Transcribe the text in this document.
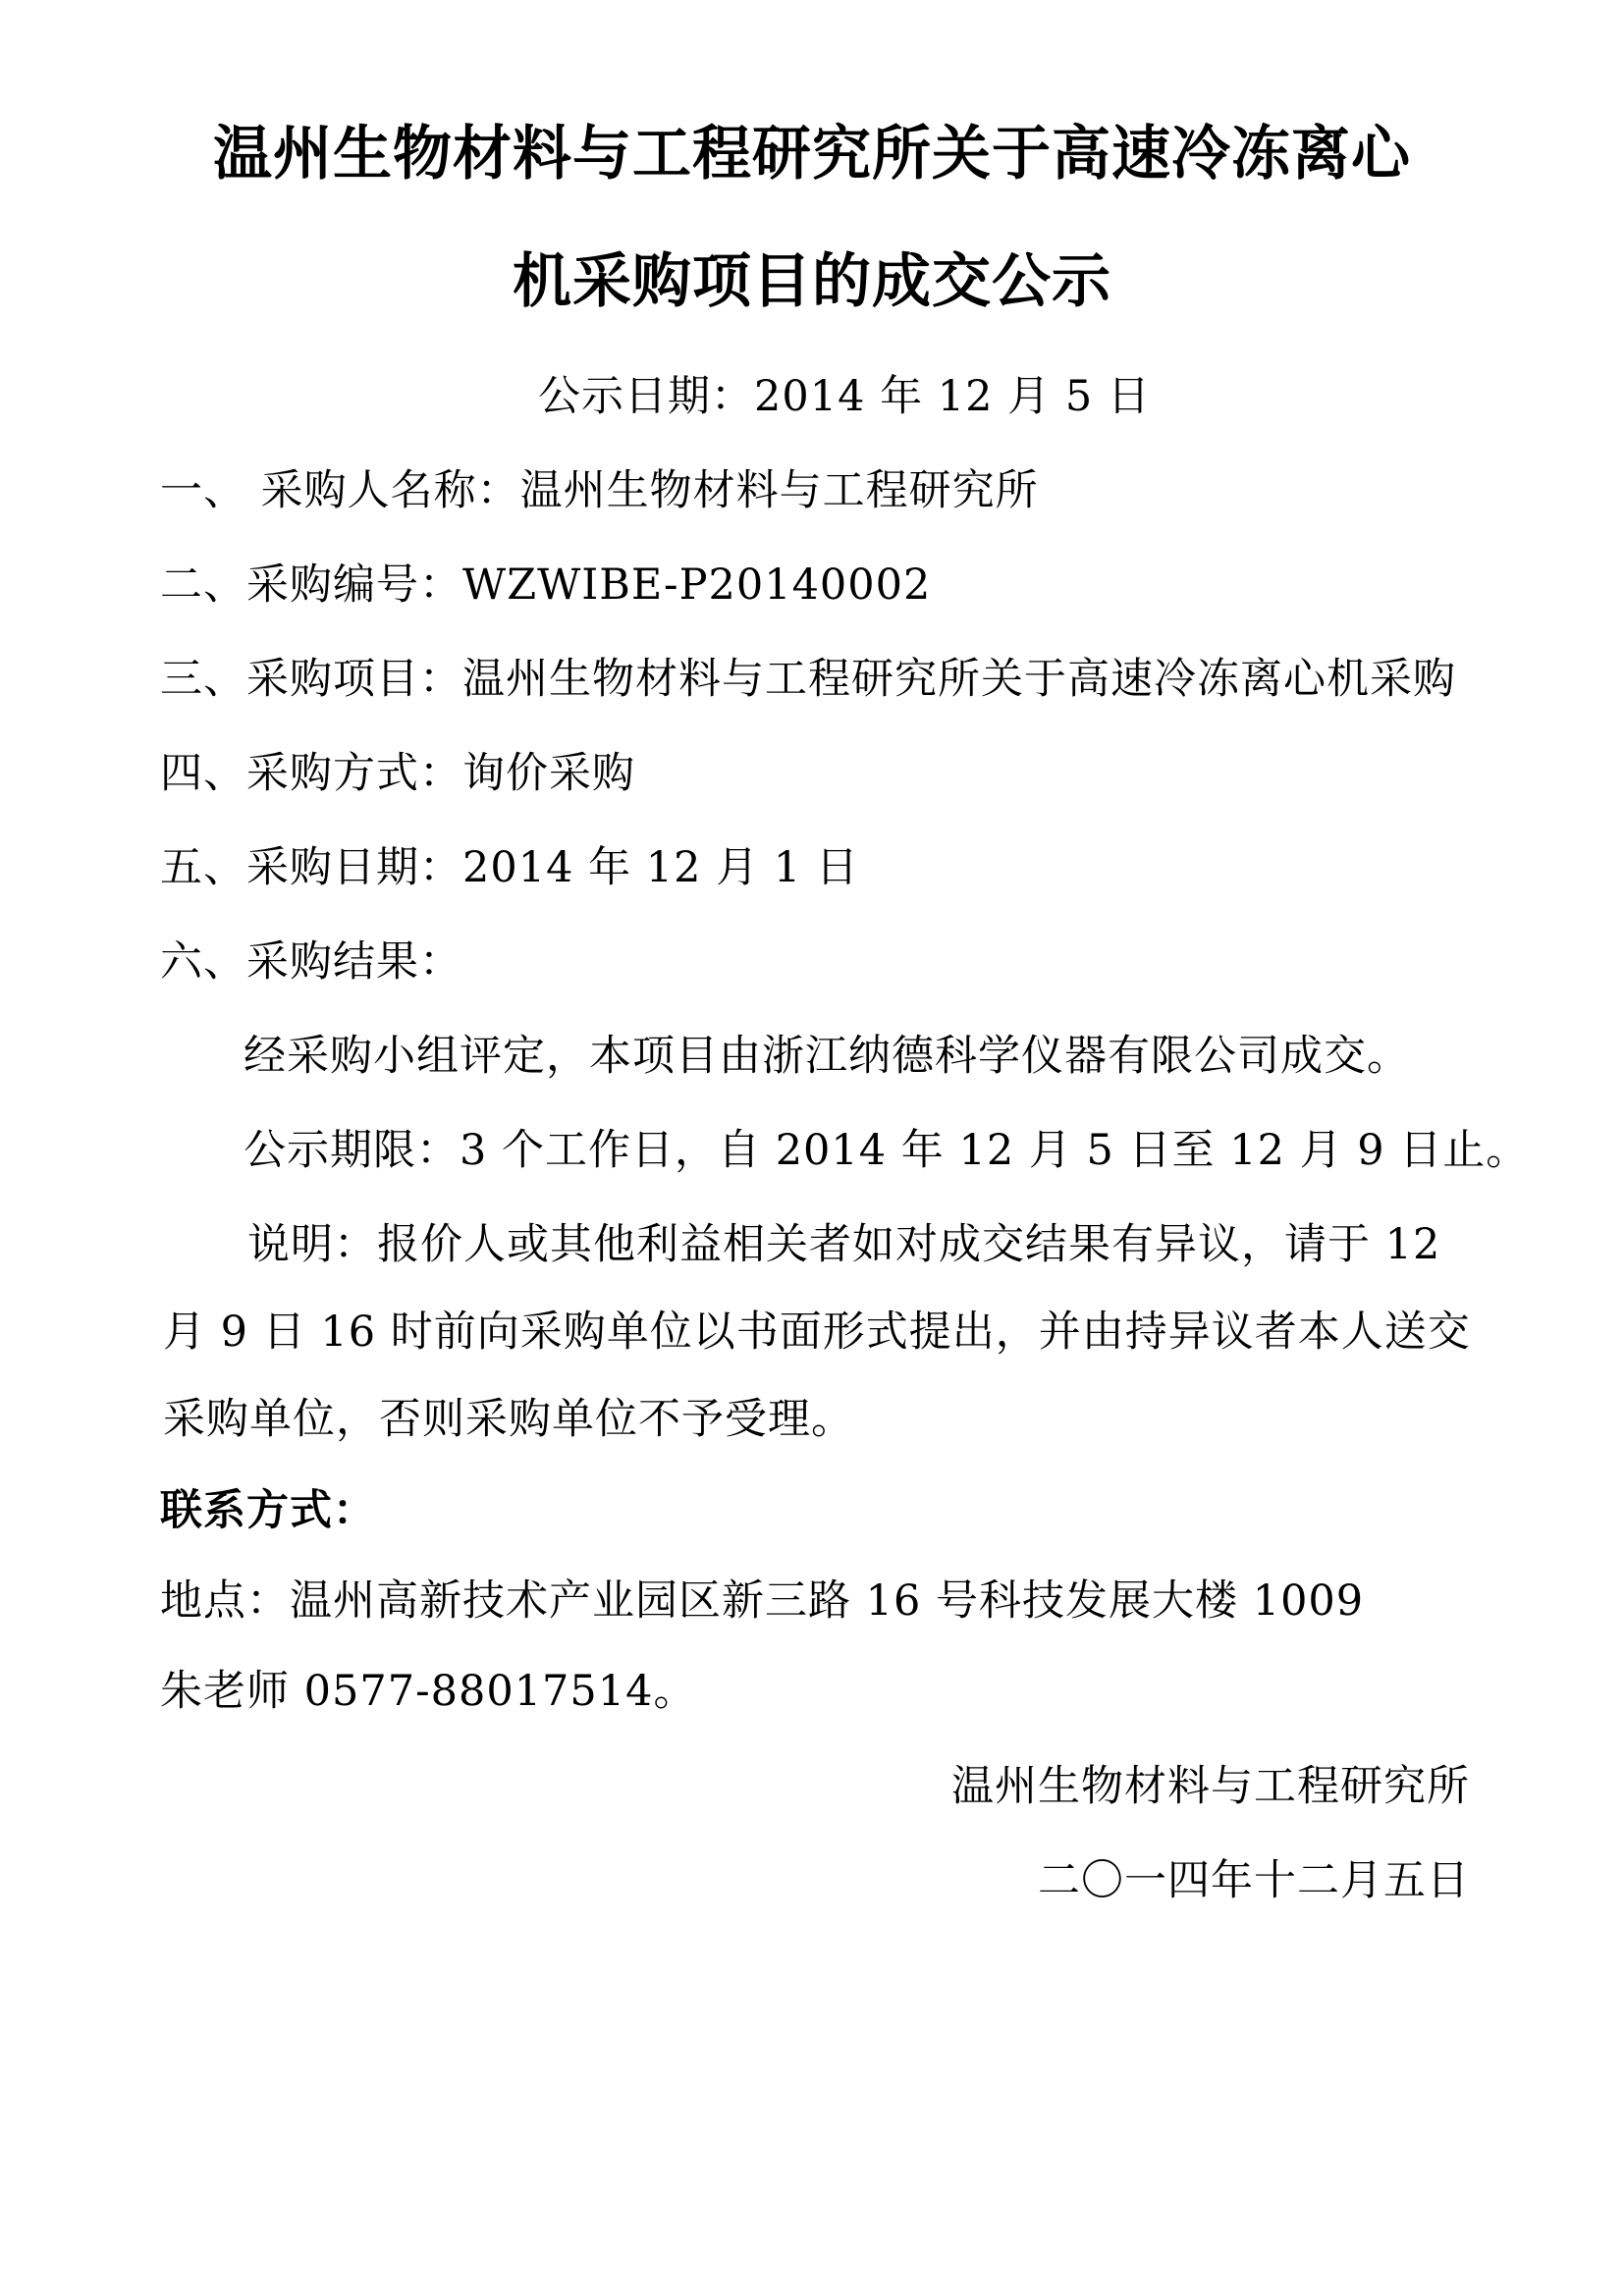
温州生物材料与工程研究所关于高速冷冻离心
机采购项目的成交公示
公示日期：2014 年 12 月 5 日
一、 采购人名称：温州生物材料与工程研究所
二、采购编号：WZWIBE-P20140002
三、采购项目：温州生物材料与工程研究所关于高速冷冻离心机采购
四、采购方式：询价采购
五、采购日期：2014 年 12 月 1 日
六、采购结果：
经采购小组评定，本项目由浙江纳德科学仪器有限公司成交。
公示期限：3 个工作日，自 2014 年 12 月 5 日至 12 月 9 日止。
说明：报价人或其他利益相关者如对成交结果有异议，请于 12
月 9 日 16 时前向采购单位以书面形式提出，并由持异议者本人送交
采购单位，否则采购单位不予受理。
联系方式：
地点：温州高新技术产业园区新三路 16 号科技发展大楼 1009
朱老师 0577-88017514。
温州生物材料与工程研究所
二〇一四年十二月五日
